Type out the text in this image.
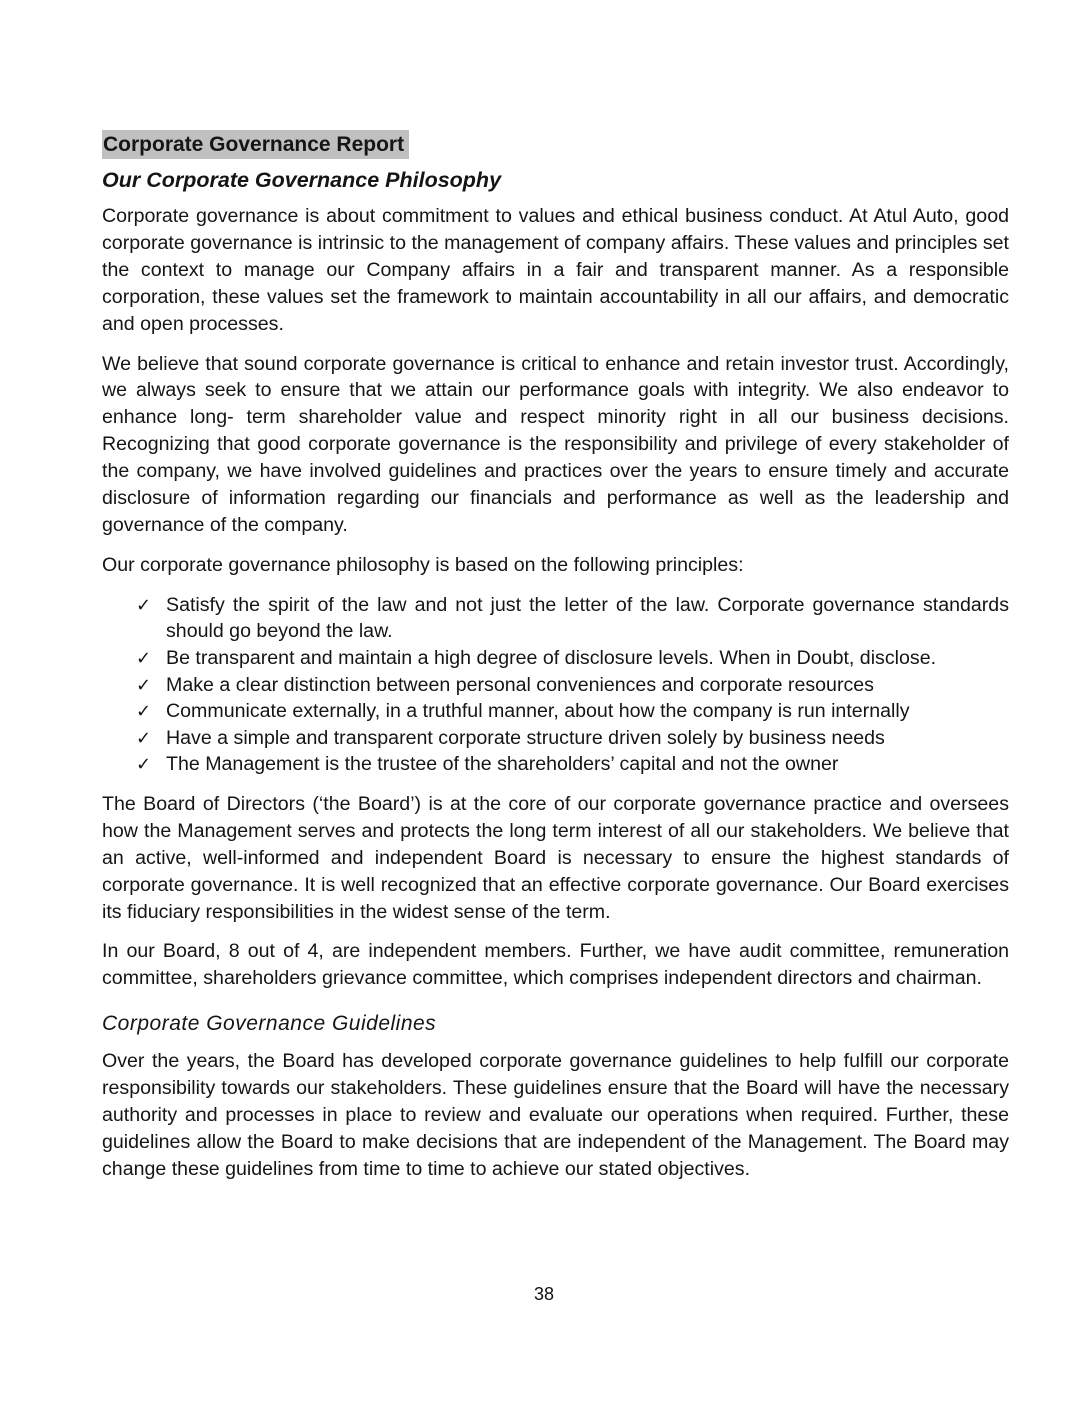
Corporate Governance Report
Our Corporate Governance Philosophy

Corporate governance is about commitment to values and ethical business conduct. At Atul Auto, good corporate governance is intrinsic to the management of company affairs. These values and principles set the context to manage our Company affairs in a fair and transparent manner. As a responsible corporation, these values set the framework to maintain accountability in all our affairs, and democratic and open processes.

We believe that sound corporate governance is critical to enhance and retain investor trust. Accordingly, we always seek to ensure that we attain our performance goals with integrity. We also endeavor to enhance long- term shareholder value and respect minority right in all our business decisions. Recognizing that good corporate governance is the responsibility and privilege of every stakeholder of the company, we have involved guidelines and practices over the years to ensure timely and accurate disclosure of information regarding our financials and performance as well as the leadership and governance of the company.

Our corporate governance philosophy is based on the following principles:

✓ Satisfy the spirit of the law and not just the letter of the law. Corporate governance standards should go beyond the law.
✓ Be transparent and maintain a high degree of disclosure levels. When in Doubt, disclose.
✓ Make a clear distinction between personal conveniences and corporate resources
✓ Communicate externally, in a truthful manner, about how the company is run internally
✓ Have a simple and transparent corporate structure driven solely by business needs
✓ The Management is the trustee of the shareholders’ capital and not the owner

The Board of Directors (‘the Board’) is at the core of our corporate governance practice and oversees how the Management serves and protects the long term interest of all our stakeholders. We believe that an active, well-informed and independent Board is necessary to ensure the highest standards of corporate governance. It is well recognized that an effective corporate governance. Our Board exercises its fiduciary responsibilities in the widest sense of the term.

In our Board, 8 out of 4, are independent members. Further, we have audit committee, remuneration committee, shareholders grievance committee, which comprises independent directors and chairman.

Corporate Governance Guidelines

Over the years, the Board has developed corporate governance guidelines to help fulfill our corporate responsibility towards our stakeholders. These guidelines ensure that the Board will have the necessary authority and processes in place to review and evaluate our operations when required. Further, these guidelines allow the Board to make decisions that are independent of the Management. The Board may change these guidelines from time to time to achieve our stated objectives.

38
